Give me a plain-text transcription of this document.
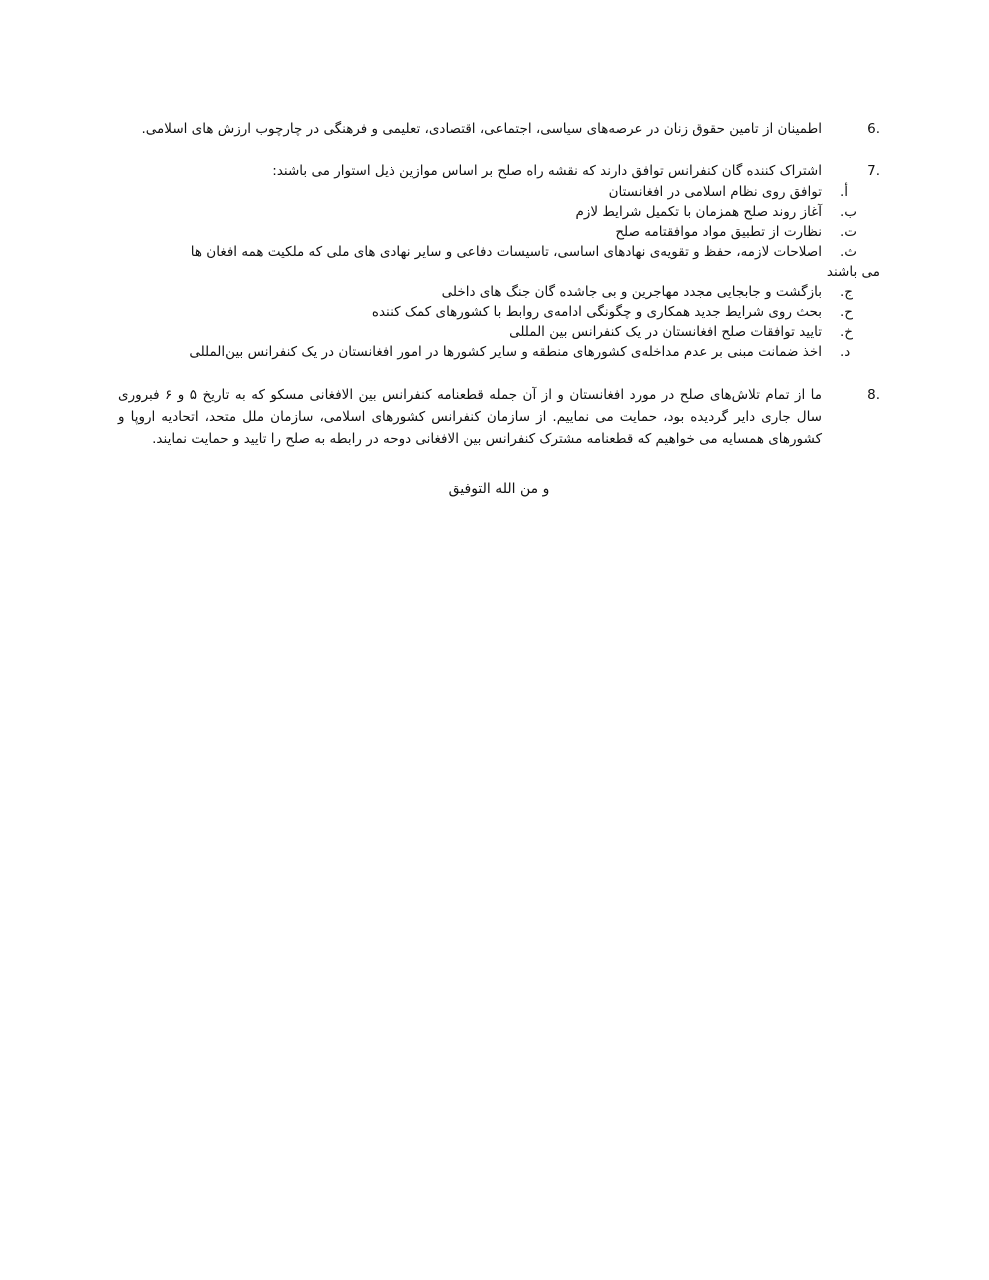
6.
اطمینان از تامین حقوق زنان در عرصه‌های سیاسی، اجتماعی، اقتصادی، تعلیمی و فرهنگی در چارچوب ارزش های اسلامی.
7.
اشتراک کننده گان کنفرانس توافق دارند که نقشه راه صلح بر اساس موازین ذیل استوار می باشند:
أ.
توافق روی نظام اسلامی در افغانستان
ب.
آغاز روند صلح همزمان با تکمیل شرایط لازم
ت.
نظارت از تطبیق مواد موافقتامه صلح
ث.
اصلاحات لازمه، حفظ و تقویه‌ی نهادهای اساسی، تاسیسات دفاعی و سایر نهادی های ملی که ملکیت همه افغان ها
می باشند
ج.
بازگشت و جابجایی مجدد مهاجرین و بی جاشده گان جنگ های داخلی
ح.
بحث روی شرایط جدید همکاری و چگونگی ادامه‌ی روابط با کشورهای کمک کننده
خ.
تایید توافقات صلح افغانستان در یک کنفرانس بین المللی
د.
اخذ ضمانت مبنی بر عدم مداخله‌ی کشورهای منطقه و سایر کشورها در امور افغانستان در یک کنفرانس بین‌المللی
8.
ما از تمام تلاش‌های صلح در مورد افغانستان و از آن جمله قطعنامه کنفرانس بین الافغانی مسکو که به تاریخ ۵ و ۶ فبروری سال جاری دایر گردیده بود، حمایت می نماییم. از سازمان کنفرانس کشورهای اسلامی، سازمان ملل متحد، اتحادیه اروپا و کشورهای همسایه می خواهیم که قطعنامه مشترک کنفرانس بین الافغانی دوحه در رابطه به صلح را تایید و حمایت نمایند.
و من الله التوفیق
